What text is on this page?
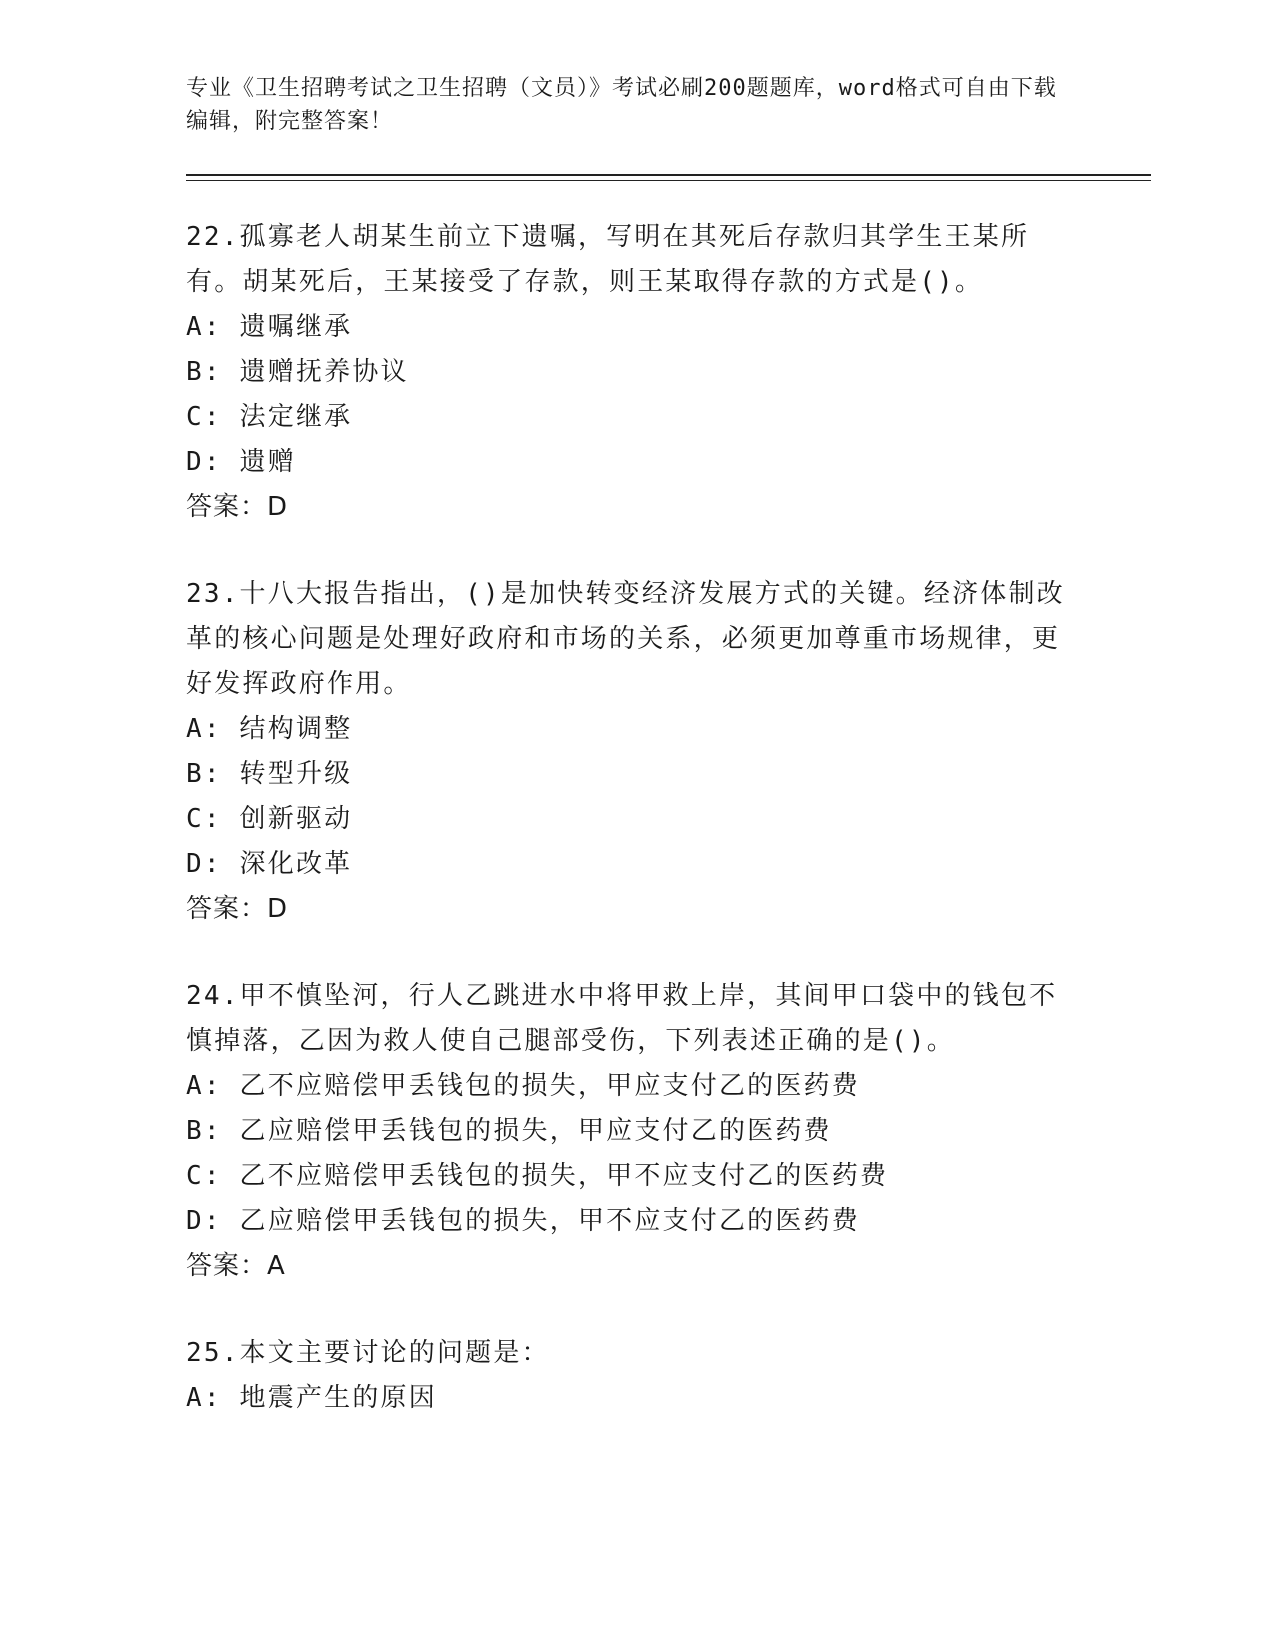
专业《卫生招聘考试之卫生招聘（文员）》考试必刷200题题库，word格式可自由下载编辑，附完整答案！

22.孤寡老人胡某生前立下遗嘱，写明在其死后存款归其学生王某所有。胡某死后，王某接受了存款，则王某取得存款的方式是()。

A: 遗嘱继承

B: 遗赠抚养协议

C: 法定继承

D: 遗赠

答案：D

23.十八大报告指出，()是加快转变经济发展方式的关键。经济体制改革的核心问题是处理好政府和市场的关系，必须更加尊重市场规律，更好发挥政府作用。

A: 结构调整

B: 转型升级

C: 创新驱动

D: 深化改革

答案：D

24.甲不慎坠河，行人乙跳进水中将甲救上岸，其间甲口袋中的钱包不慎掉落，乙因为救人使自己腿部受伤，下列表述正确的是()。

A: 乙不应赔偿甲丢钱包的损失，甲应支付乙的医药费

B: 乙应赔偿甲丢钱包的损失，甲应支付乙的医药费

C: 乙不应赔偿甲丢钱包的损失，甲不应支付乙的医药费

D: 乙应赔偿甲丢钱包的损失，甲不应支付乙的医药费

答案：A

25.本文主要讨论的问题是：

A: 地震产生的原因
